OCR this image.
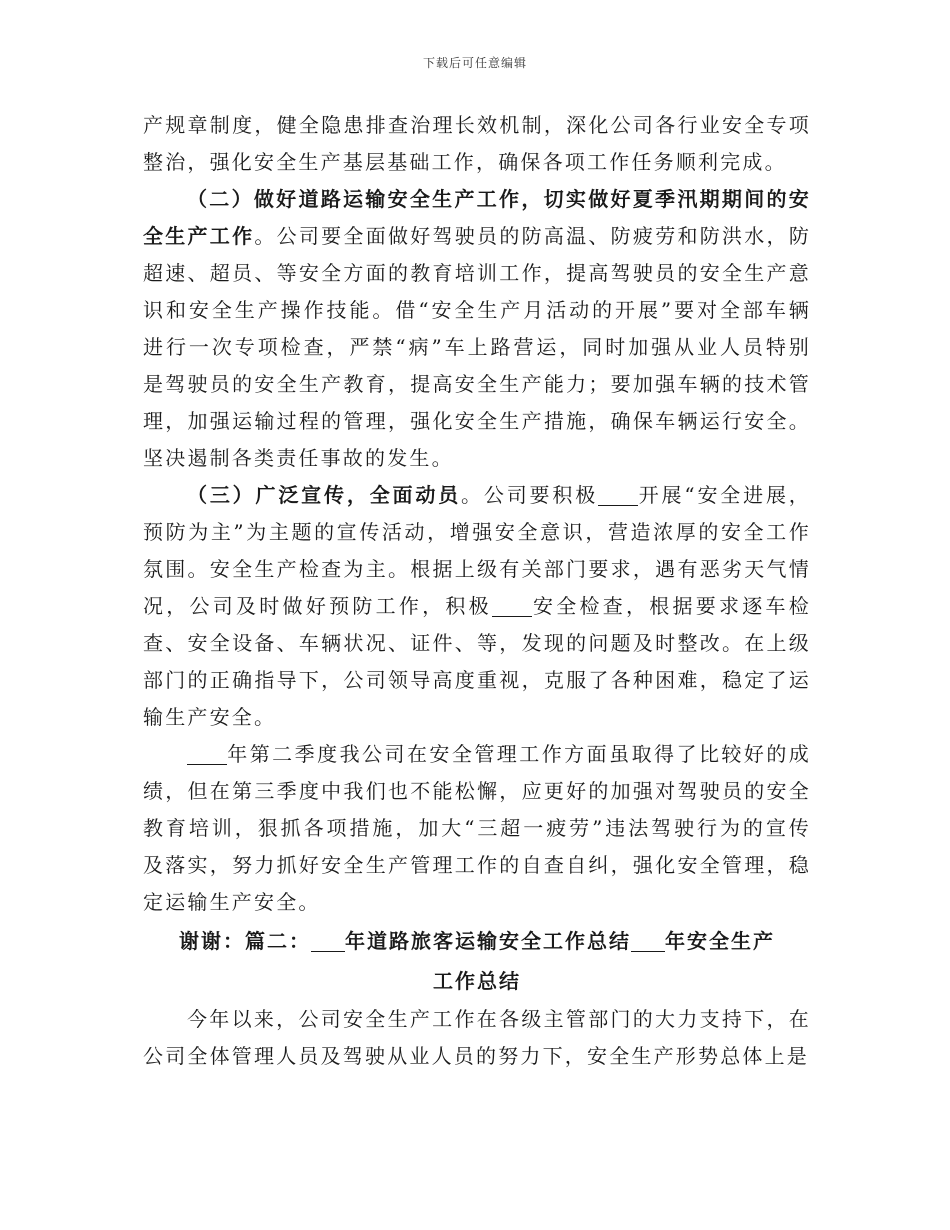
下载后可任意编辑

产规章制度，健全隐患排查治理长效机制，深化公司各行业安全专项整治，强化安全生产基层基础工作，确保各项工作任务顺利完成。

（二）做好道路运输安全生产工作，切实做好夏季汛期期间的安全生产工作。公司要全面做好驾驶员的防高温、防疲劳和防洪水，防超速、超员、等安全方面的教育培训工作，提高驾驶员的安全生产意识和安全生产操作技能。借“安全生产月活动的开展”要对全部车辆进行一次专项检查，严禁“病”车上路营运，同时加强从业人员特别是驾驶员的安全生产教育，提高安全生产能力；要加强车辆的技术管理，加强运输过程的管理，强化安全生产措施，确保车辆运行安全。坚决遏制各类责任事故的发生。

（三）广泛宣传，全面动员。公司要积极 开展“安全进展，预防为主”为主题的宣传活动，增强安全意识，营造浓厚的安全工作氛围。安全生产检查为主。根据上级有关部门要求，遇有恶劣天气情况，公司及时做好预防工作，积极 安全检查，根据要求逐车检查、安全设备、车辆状况、证件、等，发现的问题及时整改。在上级部门的正确指导下，公司领导高度重视，克服了各种困难，稳定了运输生产安全。

年第二季度我公司在安全管理工作方面虽取得了比较好的成绩，但在第三季度中我们也不能松懈，应更好的加强对驾驶员的安全教育培训，狠抓各项措施，加大“三超一疲劳”违法驾驶行为的宣传及落实，努力抓好安全生产管理工作的自查自纠，强化安全管理，稳定运输生产安全。

谢谢：篇二： 年道路旅客运输安全工作总结 年安全生产
工作总结

今年以来，公司安全生产工作在各级主管部门的大力支持下，在公司全体管理人员及驾驶从业人员的努力下，安全生产形势总体上是
